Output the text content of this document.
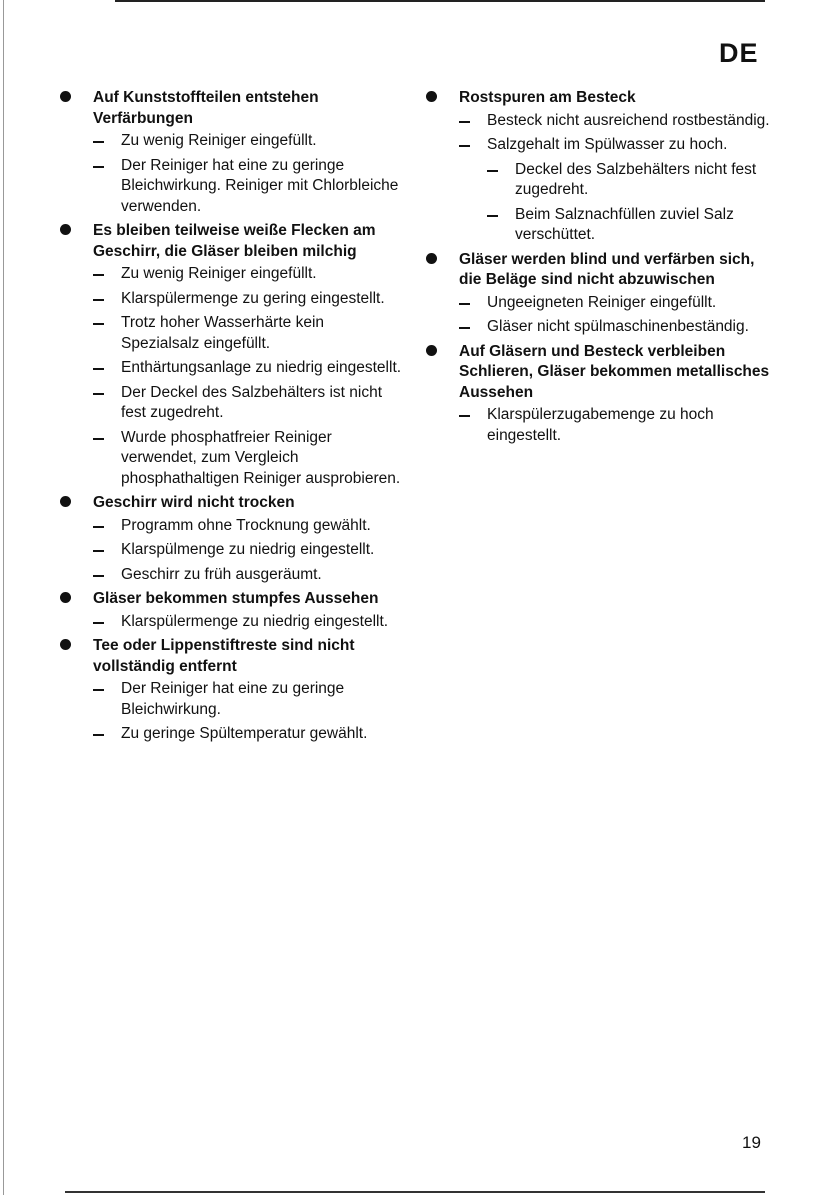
DE
Auf Kunststoffteilen entstehen Verfärbungen
Zu wenig Reiniger eingefüllt.
Der Reiniger hat eine zu geringe Bleichwirkung. Reiniger mit Chlorbleiche verwenden.
Es bleiben teilweise weiße Flecken am Geschirr, die Gläser bleiben milchig
Zu wenig Reiniger eingefüllt.
Klarspülermenge zu gering eingestellt.
Trotz hoher Wasserhärte kein Spezialsalz eingefüllt.
Enthärtungsanlage zu niedrig eingestellt.
Der Deckel des Salzbehälters ist nicht fest zugedreht.
Wurde phosphatfreier Reiniger verwendet, zum Vergleich phosphathaltigen Reiniger ausprobieren.
Geschirr wird nicht trocken
Programm ohne Trocknung gewählt.
Klarspülmenge zu niedrig eingestellt.
Geschirr zu früh ausgeräumt.
Gläser bekommen stumpfes Aussehen
Klarspülermenge zu niedrig eingestellt.
Tee oder Lippenstiftreste sind nicht vollständig entfernt
Der Reiniger hat eine zu geringe Bleichwirkung.
Zu geringe Spültemperatur gewählt.
Rostspuren am Besteck
Besteck nicht ausreichend rostbeständig.
Salzgehalt im Spülwasser zu hoch.
Deckel des Salzbehälters nicht fest zugedreht.
Beim Salznachfüllen zuviel Salz verschüttet.
Gläser werden blind und verfärben sich, die Beläge sind nicht abzuwischen
Ungeeigneten Reiniger eingefüllt.
Gläser nicht spülmaschinenbeständig.
Auf Gläsern und Besteck verbleiben Schlieren, Gläser bekommen metallisches Aussehen
Klarspülerzugabemenge zu hoch eingestellt.
19
